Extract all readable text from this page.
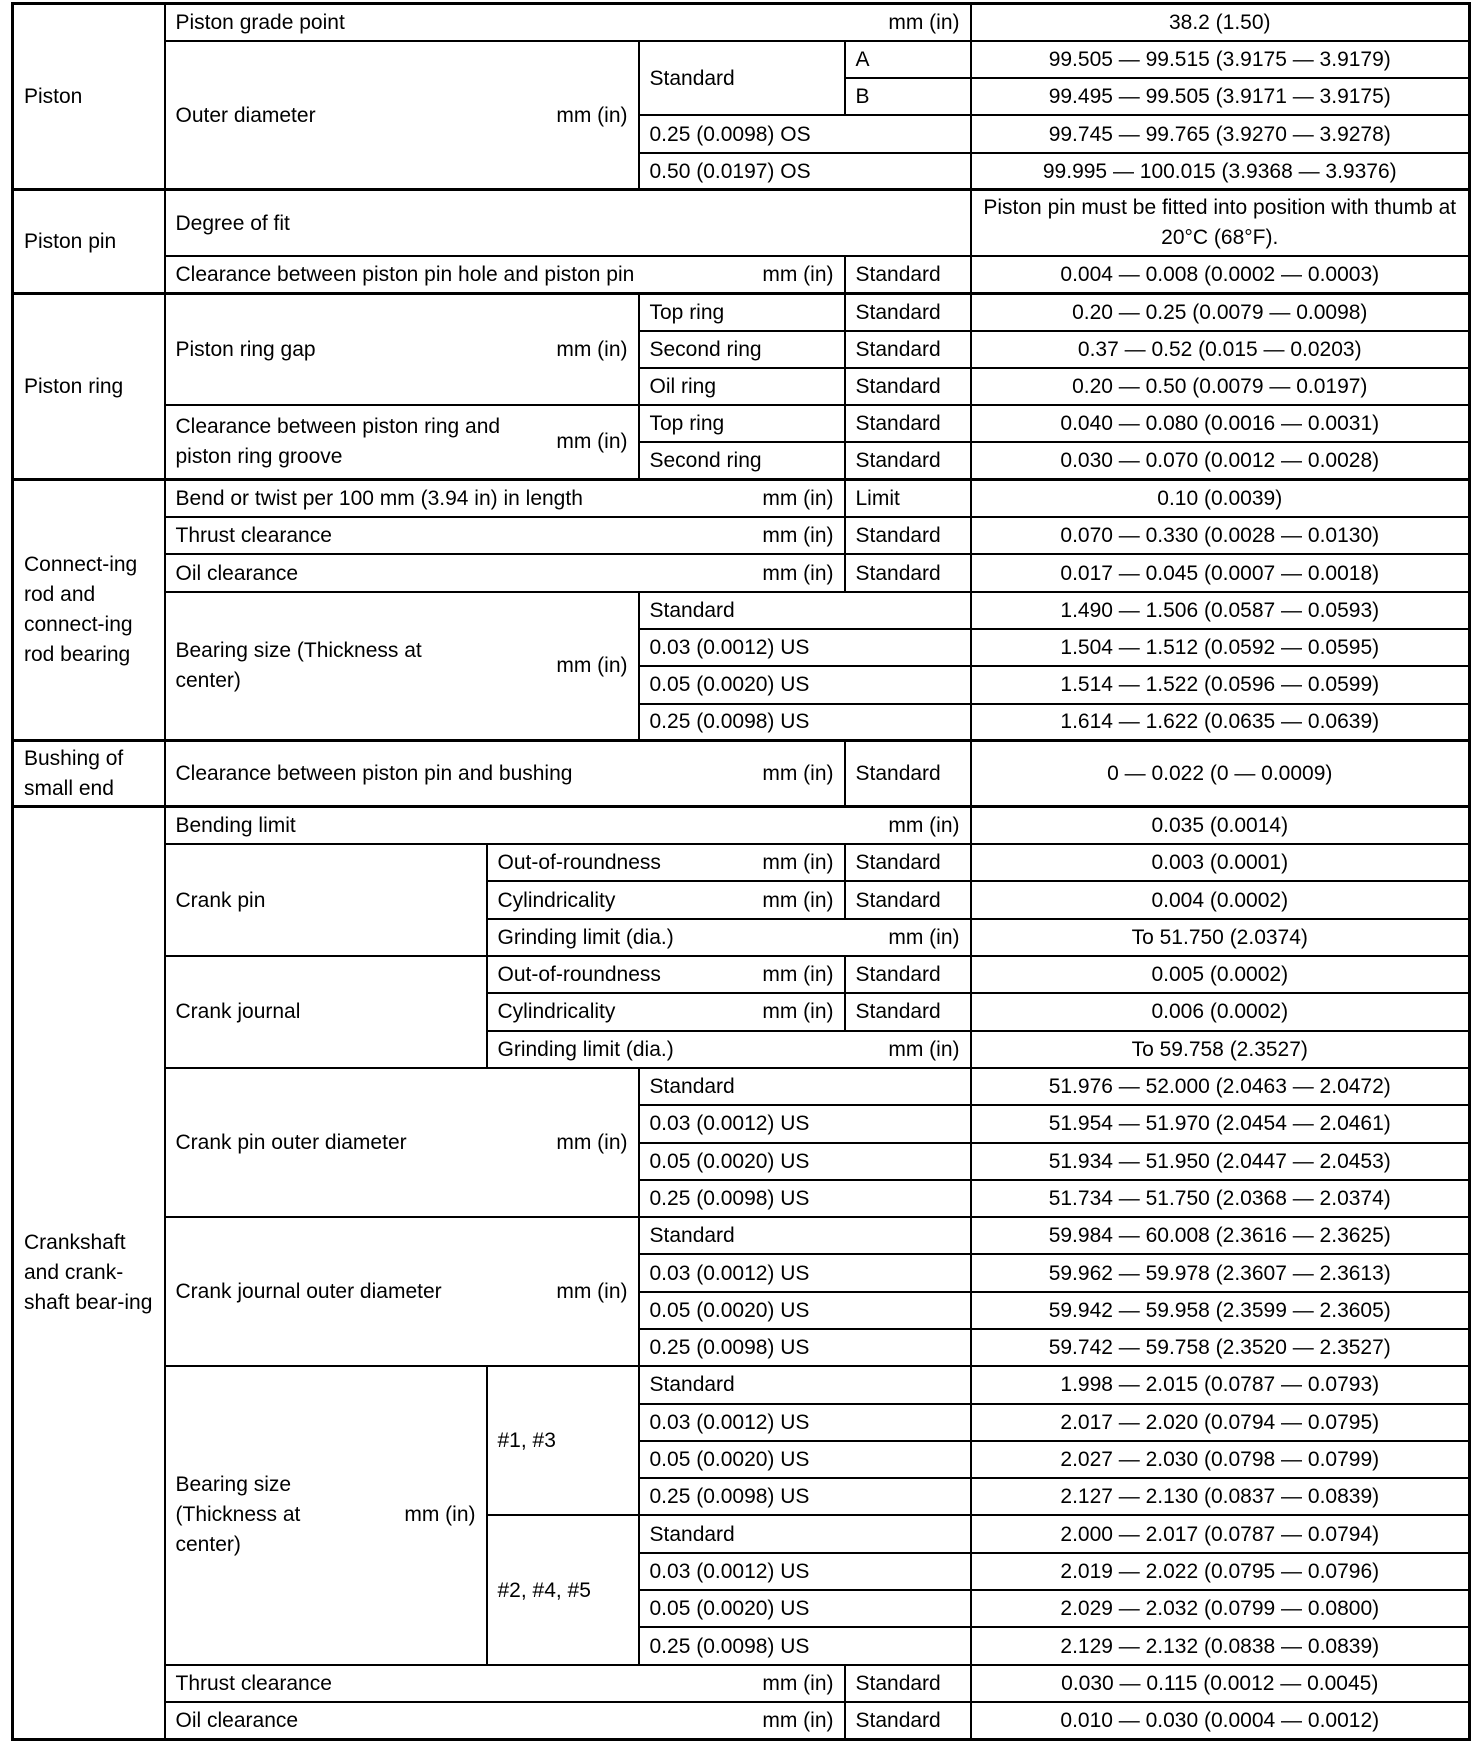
Piston	Piston grade point mm (in)				38.2 (1.50)

	Outer diameter mm (in)		Standard	A	99.505 — 99.515 (3.9175 — 3.9179)
				B	99.495 — 99.505 (3.9171 — 3.9175)
			0.25 (0.0098) OS		99.745 — 99.765 (3.9270 — 3.9278)
			0.50 (0.0197) OS		99.995 — 100.015 (3.9368 — 3.9376)
Piston pin	Degree of fit				Piston pin must be fitted into position with thumb at 20°C (68°F).

	Clearance between piston pin hole and piston pin mm (in)			Standard	0.004 — 0.008 (0.0002 — 0.0003)
Piston ring	Piston ring gap mm (in)		Top ring	Standard	0.20 — 0.25 (0.0079 — 0.0098)
			Second ring	Standard	0.37 — 0.52 (0.015 — 0.0203)
			Oil ring	Standard	0.20 — 0.50 (0.0079 — 0.0197)

	Clearance between piston ring and piston ring groove
mm (in)		Top ring	Standard	0.040 — 0.080 (0.0016 — 0.0031)
			Second ring	Standard	0.030 — 0.070 (0.0012 — 0.0028)
Connect-ing rod and connect-ing rod bearing	Bend or twist per 100 mm (3.94 in) in length mm (in)			Limit	0.10 (0.0039)

	Thrust clearance mm (in)			Standard	0.070 — 0.330 (0.0028 — 0.0130)

	Oil clearance mm (in)			Standard	0.017 — 0.045 (0.0007 — 0.0018)

	Bearing size (Thickness at center)
mm (in)		Standard		1.490 — 1.506 (0.0587 — 0.0593)
			0.03 (0.0012) US		1.504 — 1.512 (0.0592 — 0.0595)
			0.05 (0.0020) US		1.514 — 1.522 (0.0596 — 0.0599)
			0.25 (0.0098) US		1.614 — 1.622 (0.0635 — 0.0639)
Bushing of small end	Clearance between piston pin and bushing mm (in)			Standard	0 — 0.022 (0 — 0.0009)
Crankshaft and crank-shaft bear-ing	Bending limit mm (in)				0.035 (0.0014)
	Crank pin	Out-of-roundness mm (in)		Standard	0.003 (0.0001)

		Cylindricality mm (in)		Standard	0.004 (0.0002)

		Grinding limit (dia.) mm (in)			To 51.750 (2.0374)
	Crank journal	Out-of-roundness mm (in)		Standard	0.005 (0.0002)

		Cylindricality mm (in)		Standard	0.006 (0.0002)

		Grinding limit (dia.) mm (in)			To 59.758 (2.3527)

	Crank pin outer diameter mm (in)		Standard		51.976 — 52.000 (2.0463 — 2.0472)
			0.03 (0.0012) US		51.954 — 51.970 (2.0454 — 2.0461)
			0.05 (0.0020) US		51.934 — 51.950 (2.0447 — 2.0453)
			0.25 (0.0098) US		51.734 — 51.750 (2.0368 — 2.0374)

	Crank journal outer diameter mm (in)		Standard		59.984 — 60.008 (2.3616 — 2.3625)
			0.03 (0.0012) US		59.962 — 59.978 (2.3607 — 2.3613)
			0.05 (0.0020) US		59.942 — 59.958 (2.3599 — 2.3605)
			0.25 (0.0098) US		59.742 — 59.758 (2.3520 — 2.3527)

	Bearing size (Thickness at center)
mm (in)	#1, #3	Standard		1.998 — 2.015 (0.0787 — 0.0793)
			0.03 (0.0012) US		2.017 — 2.020 (0.0794 — 0.0795)
			0.05 (0.0020) US		2.027 — 2.030 (0.0798 — 0.0799)
			0.25 (0.0098) US		2.127 — 2.130 (0.0837 — 0.0839)
		#2, #4, #5	Standard		2.000 — 2.017 (0.0787 — 0.0794)
			0.03 (0.0012) US		2.019 — 2.022 (0.0795 — 0.0796)
			0.05 (0.0020) US		2.029 — 2.032 (0.0799 — 0.0800)
			0.25 (0.0098) US		2.129 — 2.132 (0.0838 — 0.0839)

	Thrust clearance mm (in)			Standard	0.030 — 0.115 (0.0012 — 0.0045)

	Oil clearance mm (in)			Standard	0.010 — 0.030 (0.0004 — 0.0012)
